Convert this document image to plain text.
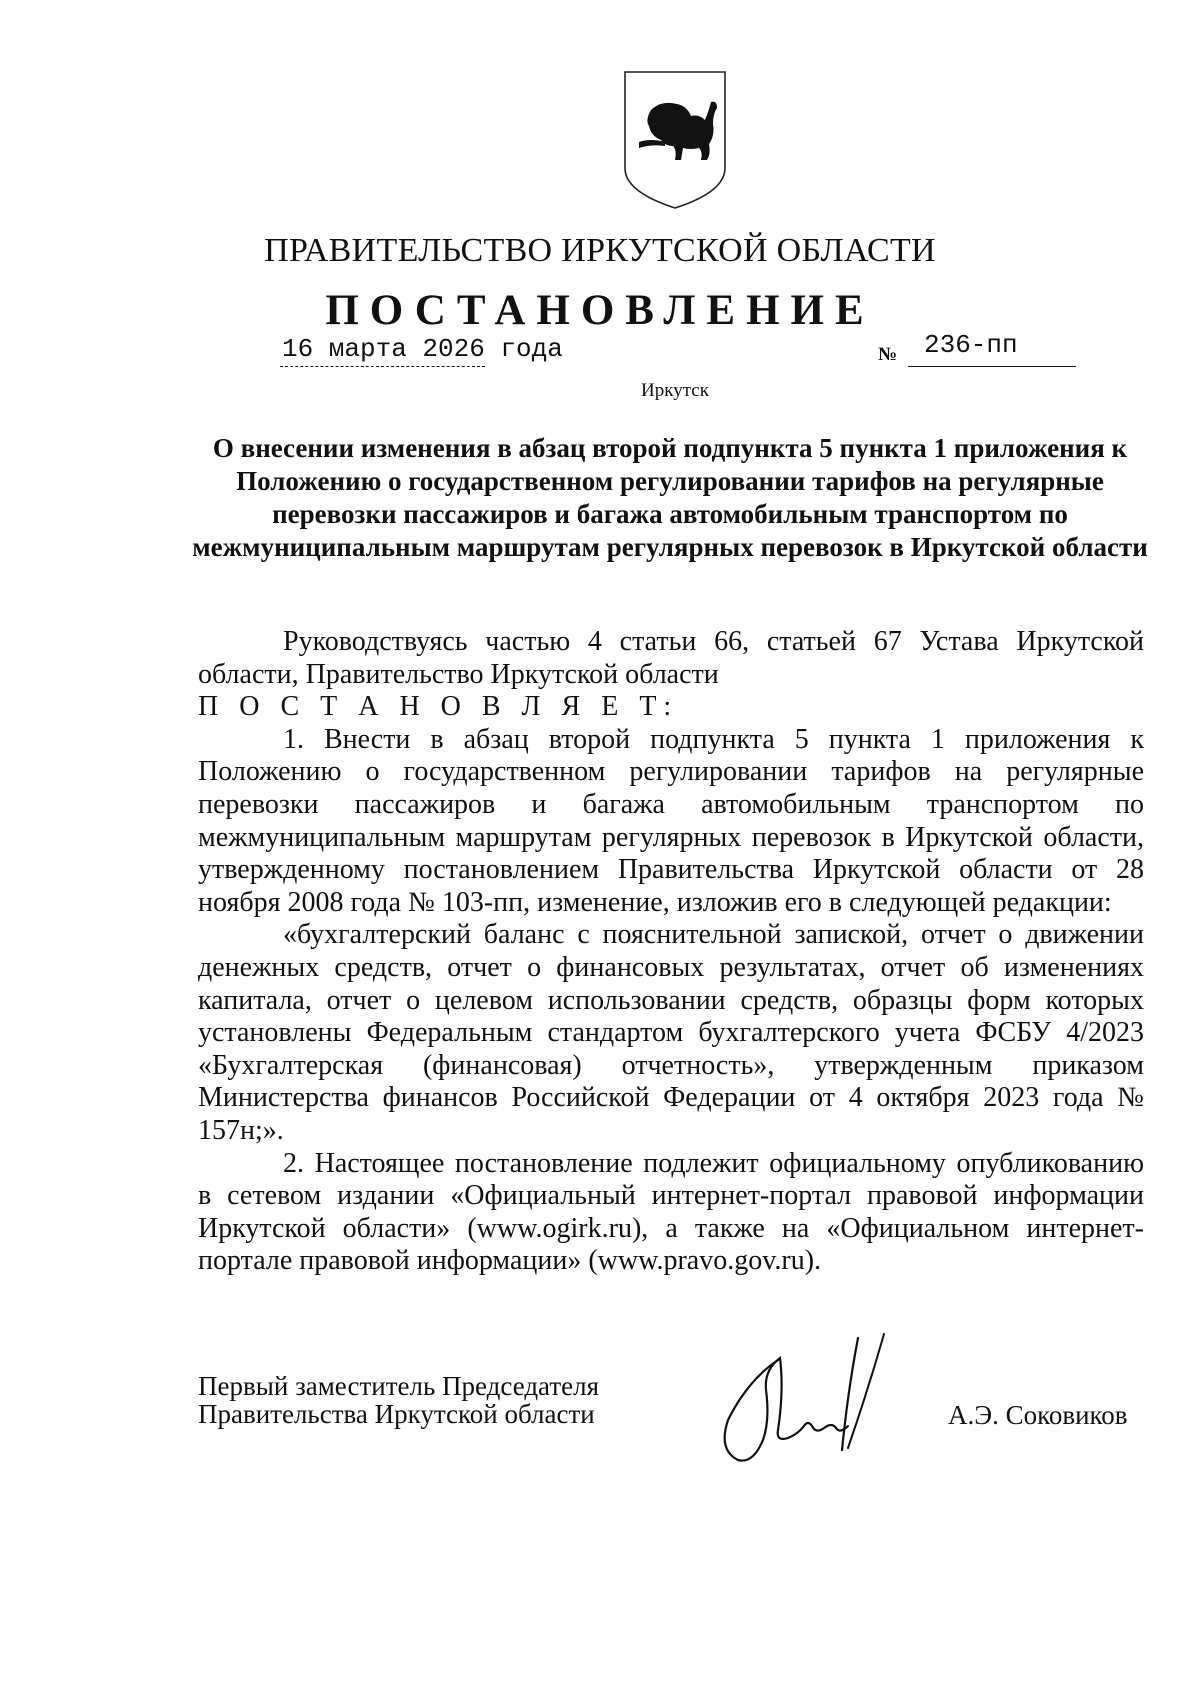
ПРАВИТЕЛЬСТВО ИРКУТСКОЙ ОБЛАСТИ
ПОСТАНОВЛЕНИЕ
16 марта 2026 года	№ 236-пп
Иркутск
О внесении изменения в абзац второй подпункта 5 пункта 1 приложения к Положению о государственном регулировании тарифов на регулярные перевозки пассажиров и багажа автомобильным транспортом по межмуниципальным маршрутам регулярных перевозок в Иркутской области

Руководствуясь частью 4 статьи 66, статьей 67 Устава Иркутской области, Правительство Иркутской области

П О С Т А Н О В Л Я Е Т:

1. Внести в абзац второй подпункта 5 пункта 1 приложения к Положению о государственном регулировании тарифов на регулярные перевозки пассажиров и багажа автомобильным транспортом по межмуниципальным маршрутам регулярных перевозок в Иркутской области, утвержденному постановлением Правительства Иркутской области от 28 ноября 2008 года № 103-пп, изменение, изложив его в следующей редакции:

«бухгалтерский баланс с пояснительной запиской, отчет о движении денежных средств, отчет о финансовых результатах, отчет об изменениях капитала, отчет о целевом использовании средств, образцы форм которых установлены Федеральным стандартом бухгалтерского учета ФСБУ 4/2023 «Бухгалтерская (финансовая) отчетность», утвержденным приказом Министерства финансов Российской Федерации от 4 октября 2023 года № 157н;».

2. Настоящее постановление подлежит официальному опубликованию в сетевом издании «Официальный интернет-портал правовой информации Иркутской области» (www.ogirk.ru), а также на «Официальном интернет-портале правовой информации» (www.pravo.gov.ru).

Первый заместитель Председателя
Правительства Иркутской области	А.Э. Соковиков
